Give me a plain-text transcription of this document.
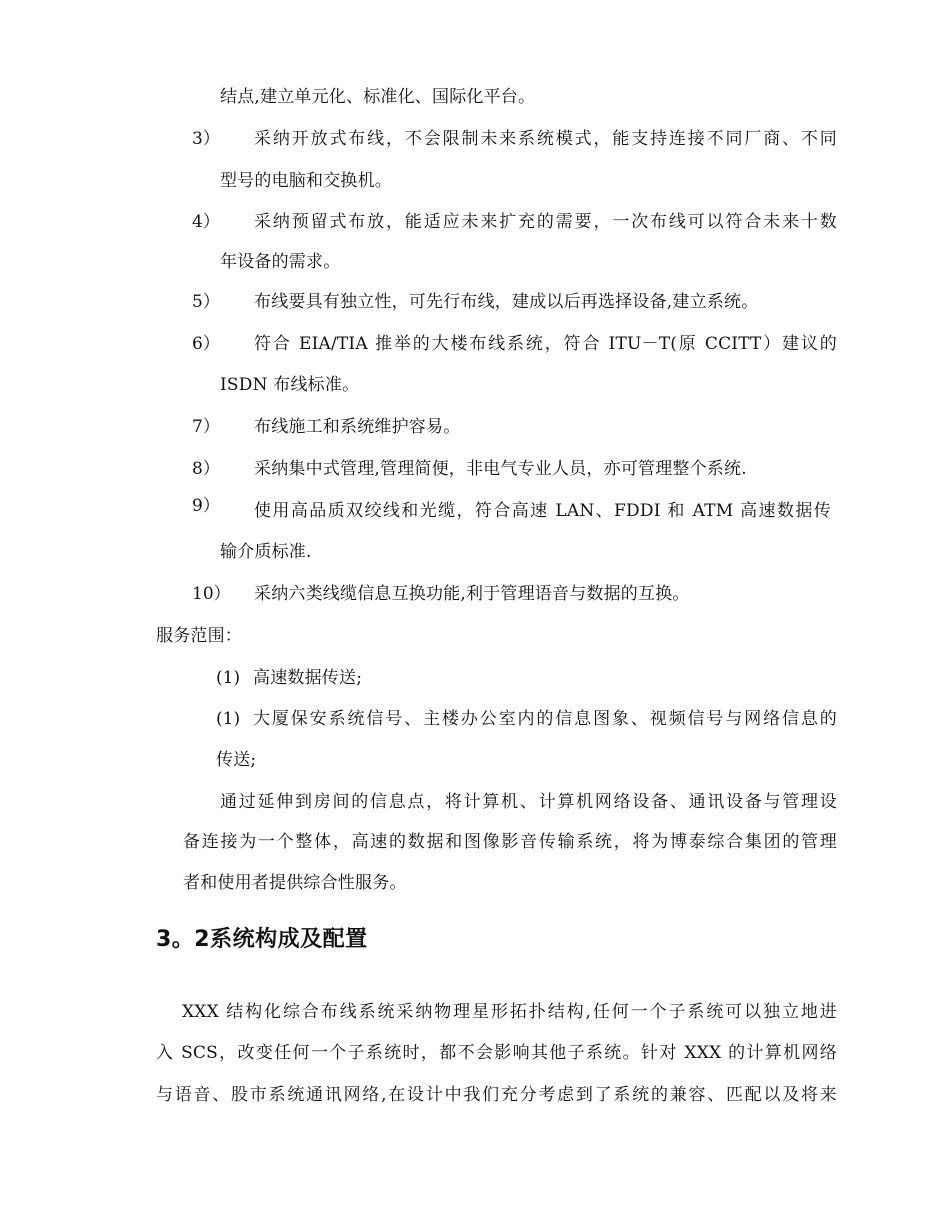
结点,建立单元化、标准化、国际化平台。
3） 采纳开放式布线，不会限制未来系统模式，能支持连接不同厂商、不同
型号的电脑和交换机。
4） 采纳预留式布放，能适应未来扩充的需要，一次布线可以符合未来十数
年设备的需求。
5） 布线要具有独立性，可先行布线，建成以后再选择设备,建立系统。
6） 符合 EIA/TIA 推举的大楼布线系统，符合 ITU－T(原 CCITT）建议的
ISDN 布线标准。
7） 布线施工和系统维护容易。
8） 采纳集中式管理,管理简便，非电气专业人员，亦可管理整个系统.
9） 使用高品质双绞线和光缆，符合高速 LAN、FDDI 和 ATM 高速数据传
输介质标准.
10） 采纳六类线缆信息互换功能,利于管理语音与数据的互换。
服务范围：
(1) 高速数据传送;
(1) 大厦保安系统信号、主楼办公室内的信息图象、视频信号与网络信息的
传送;
通过延伸到房间的信息点，将计算机、计算机网络设备、通讯设备与管理设
备连接为一个整体，高速的数据和图像影音传输系统，将为博泰综合集团的管理
者和使用者提供综合性服务。
3。2系统构成及配置
XXX 结构化综合布线系统采纳物理星形拓扑结构,任何一个子系统可以独立地进
入 SCS，改变任何一个子系统时，都不会影响其他子系统。针对 XXX 的计算机网络
与语音、股市系统通讯网络,在设计中我们充分考虑到了系统的兼容、匹配以及将来
